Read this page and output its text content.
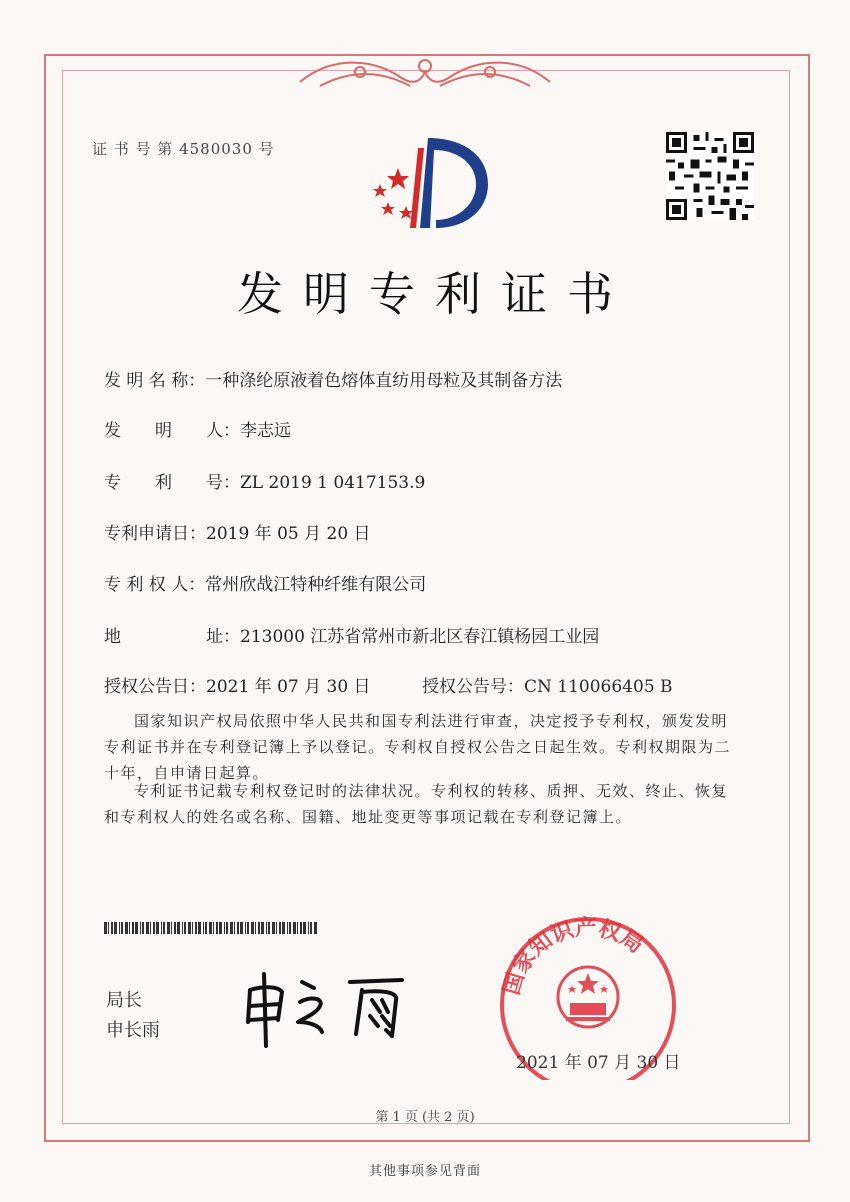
证 书 号 第 4580030 号
发明专利证书
发 明 名 称：一种涤纶原液着色熔体直纺用母粒及其制备方法
发　　明　　人：李志远
专　　利　　号：ZL 2019 1 0417153.9
专利申请日：2019 年 05 月 20 日
专 利 权 人：常州欣战江特种纤维有限公司
地　　　　　址：213000 江苏省常州市新北区春江镇杨园工业园
授权公告日：2021 年 07 月 30 日	授权公告号：CN 110066405 B
国家知识产权局依照中华人民共和国专利法进行审查，决定授予专利权，颁发发明专利证书并在专利登记簿上予以登记。专利权自授权公告之日起生效。专利权期限为二十年，自申请日起算。
专利证书记载专利权登记时的法律状况。专利权的转移、质押、无效、终止、恢复和专利权人的姓名或名称、国籍、地址变更等事项记载在专利登记簿上。
局长
申长雨
国家知识产权局
2021 年 07 月 30 日
第 1 页 (共 2 页)
其他事项参见背面
